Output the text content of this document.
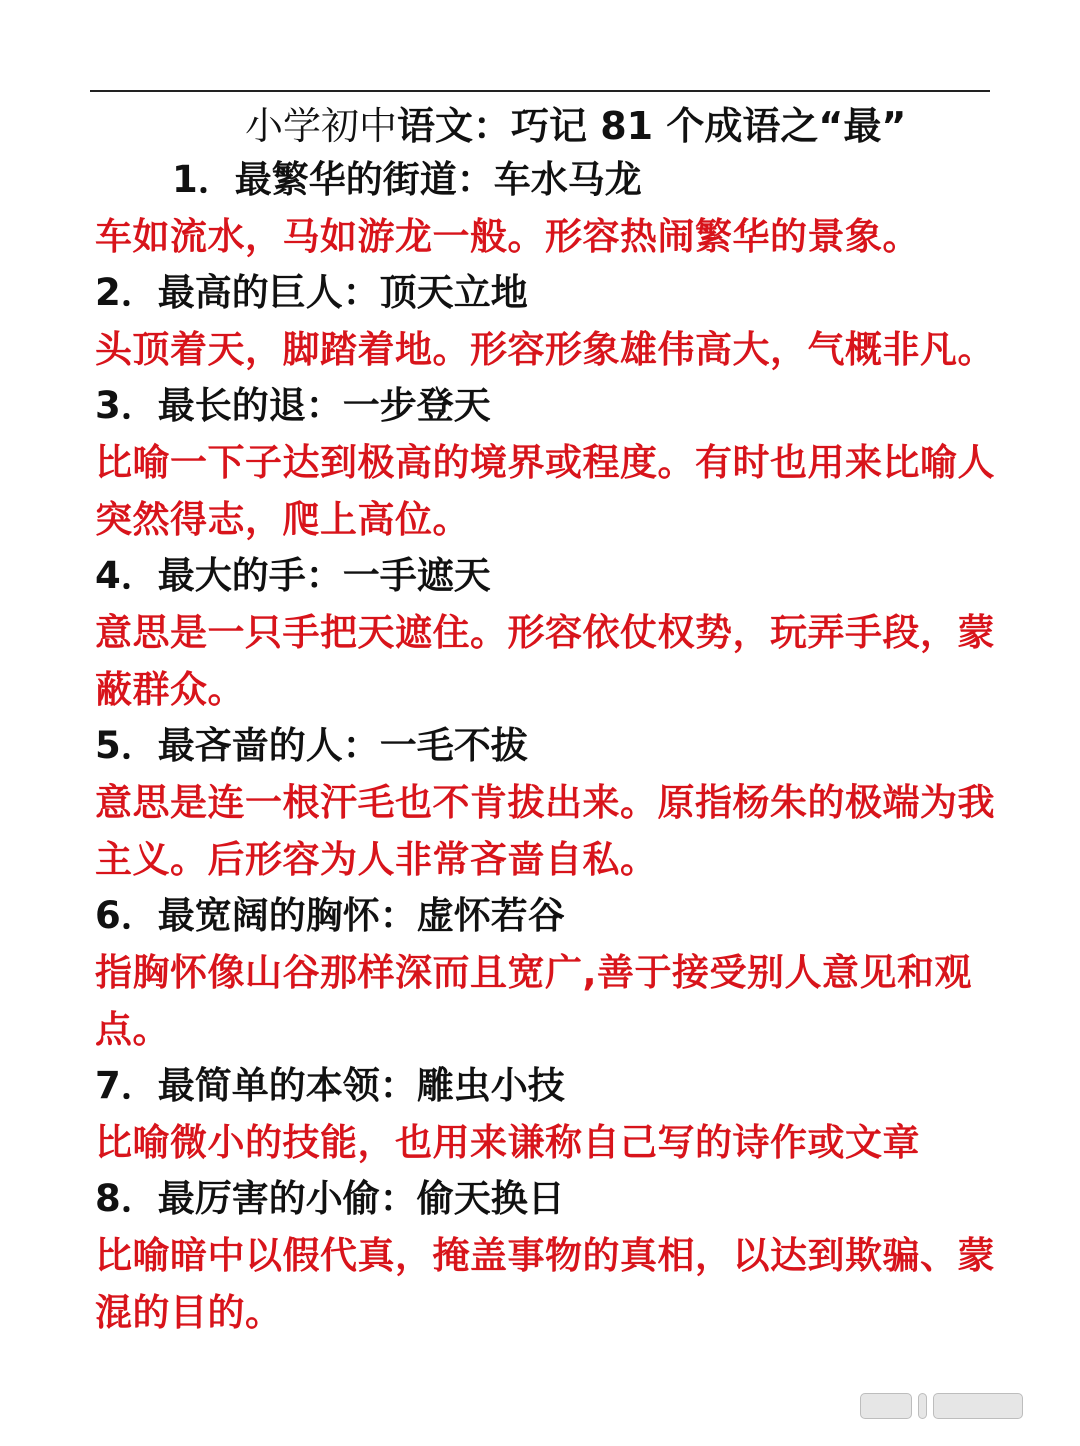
小学初中语文：巧记 81 个成语之“最”
1．最繁华的街道：车水马龙
车如流水，马如游龙一般。形容热闹繁华的景象。
2．最高的巨人：顶天立地
头顶着天，脚踏着地。形容形象雄伟高大，气概非凡。
3．最长的退：一步登天
比喻一下子达到极高的境界或程度。有时也用来比喻人突然得志，爬上高位。
4．最大的手：一手遮天
意思是一只手把天遮住。形容依仗权势，玩弄手段，蒙蔽群众。
5．最吝啬的人：一毛不拔
意思是连一根汗毛也不肯拔出来。原指杨朱的极端为我主义。后形容为人非常吝啬自私。
6．最宽阔的胸怀：虚怀若谷
指胸怀像山谷那样深而且宽广,善于接受别人意见和观点。
7．最简单的本领：雕虫小技
比喻微小的技能，也用来谦称自己写的诗作或文章
8．最厉害的小偷：偷天换日
比喻暗中以假代真，掩盖事物的真相，以达到欺骗、蒙混的目的。
